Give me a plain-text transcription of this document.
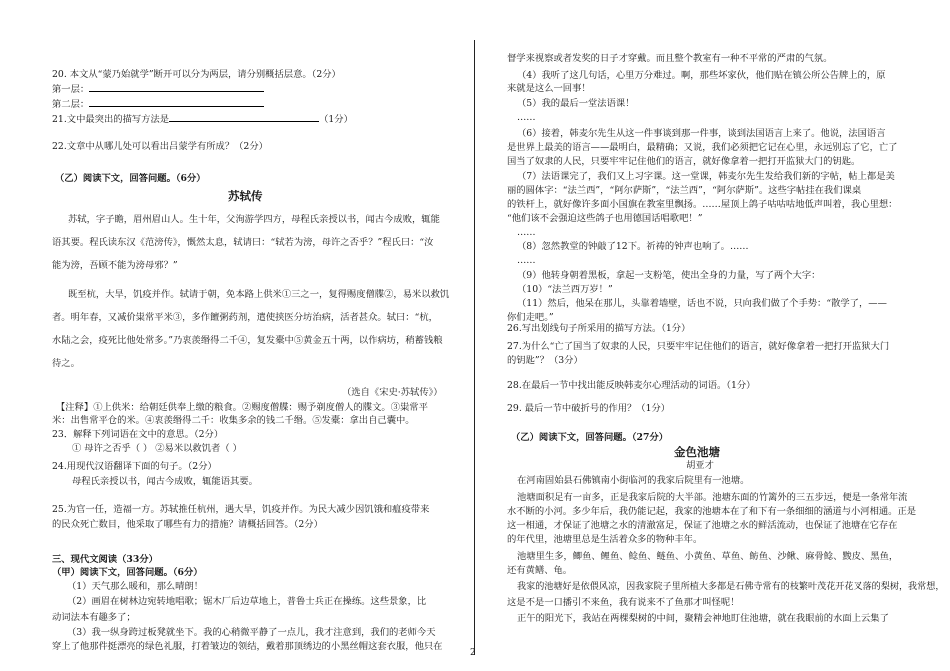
20. 本文从“蒙乃始就学”断开可以分为两层，请分别概括层意。（2分）
第一层：
第二层：
21.文中最突出的描写方法是	（1分）
22.文章中从哪儿处可以看出吕蒙学有所成？（2分）
（乙）阅读下文，回答问题。（6分）
苏轼传
苏轼，字子瞻，眉州眉山人。生十年，父洵游学四方，母程氏亲授以书，闻古今成败，辄能
语其要。程氏读东汉《范滂传》，慨然太息，轼请曰：“轼若为滂，母许之否乎？”程氏曰：“汝
能为滂，吾顾不能为滂母邪？”
既至杭，大旱，饥疫并作。轼请于朝，免本路上供米①三之一，复得赐度僧牒②，易米以救饥
者。明年春，又减价粜常平米③，多作饘粥药剂，遣使挟医分坊治病，活者甚众。轼曰：“杭，
水陆之会，疫死比他处常多。”乃衷羡缗得二千④，复发橐中⑤黄金五十两，以作病坊，稍蓄钱粮
待之。
（选自《宋史·苏轼传》）
【注释】①上供米：给朝廷供奉上缴的粮食。②赐度僧牒：赐予剃度僧人的牒文。③粜常平
米：出售常平仓的米。④衷羡缗得二千：收集多余的钱二千缗。⑤发橐：拿出自己囊中。
23．解释下列词语在文中的意思。（2分）
① 母许之否乎（ ） ②易米以救饥者（ ）
24.用现代汉语翻译下面的句子。（2分）
母程氏亲授以书，闻古今成败，辄能语其要。
25.为官一任，造福一方。苏轼推任杭州，遇大旱，饥疫并作。为民大减少因饥饿和瘟疫带来
的民众死亡数目，他采取了哪些有力的措施？请概括回答。（2分）
三、现代文阅读（33分）
（甲）阅读下文，回答问题。（6分）
（1）天气那么暖和，那么晴朗！
（2）画眉在树林边宛转地唱歌；锯木厂后边草地上，普鲁士兵正在操练。这些景象，比
动词法本有趣多了；
（3）我一纵身跨过板凳就坐下。我的心稍微平静了一点儿，我才注意到，我们的老师今天
穿上了他那件挺漂亮的绿色礼服，打着皱边的领结，戴着那顶绣边的小黑丝帽这套衣服，他只在
督学来视察或者发奖的日子才穿戴。而且整个教室有一种不平常的严肃的气氛。
（4）我听了这几句话，心里万分难过。啊，那些坏家伙，他们贴在镇公所公告牌上的，原
来就是这么一回事！
（5）我的最后一堂法语课！
……
（6）接着，韩麦尔先生从这一件事谈到那一件事，谈到法国语言上来了。他说，法国语言
是世界上最美的语言——最明白，最精确；又说，我们必须把它记在心里，永远别忘了它，亡了
国当了奴隶的人民，只要牢牢记住他们的语言，就好像拿着一把打开监狱大门的钥匙。
（7）法语课完了，我们又上习字课。这一堂课，韩麦尔先生发给我们新的字帖，帖上都是美
丽的圆体字：“法兰西”，“阿尔萨斯”，“法兰西”，“阿尔萨斯”。这些字帖挂在我们课桌
的铁杆上，就好像许多面小国旗在教室里飘扬。……屋顶上鸽子咕咕咕地低声叫着，我心里想：
“他们该不会强迫这些鸽子也用德国话唱歌吧！”
……
（8）忽然教堂的钟敲了12下。祈祷的钟声也响了。……
……
（9）他转身朝着黑板，拿起一支粉笔，使出全身的力量，写了两个大字：
（10）“法兰西万岁！”
（11）然后，他呆在那儿，头靠着墙壁，话也不说，只向我们做了个手势：“散学了，——
你们走吧。”
26.写出划线句子所采用的描写方法。（1分）
27.为什么“亡了国当了奴隶的人民，只要牢牢记住他们的语言，就好像拿着一把打开监狱大门
的钥匙”？（3分）
28.在最后一节中找出能反映韩麦尔心理活动的词语。（1分）
29. 最后一节中破折号的作用？（1分）
（乙）阅读下文，回答问题。（27分）
金色池塘
胡亚才
在河南固始县石佛镇南小街临河的我家后院里有一池塘。
池塘面积足有一亩多，正是我家后院的大半部。池塘东面的竹篱外的三五步远，便是一条常年流
水不断的小河。多少年后，我仍能记起，我家的池塘本在了和下有一条细细的涵道与小河相通。正是
这一相通，才保证了池塘之水的清澈富足，保证了池塘之水的鲜活流动，也保证了池塘在它存在
的年代里，池塘里总是生活着众多的物种丰年。
池塘里生多，鲫鱼、鲤鱼、鲶鱼、鲢鱼、小黄鱼、草鱼、鲂鱼、沙鳅、麻骨鲶、黢皮、黑鱼，
还有黄鳝、龟。
我家的池塘好是依偎风凉，因我家院子里所植大多都是石佛寺常有的枝繁叶茂花开花叉落的梨树，我常想，
这是不是一口播引不来鱼，我有说来不了鱼那才叫怪呢！
正午的阳光下，我站在两棵梨树的中间，聚精会神地盯住池塘，就在我眼前的水面上云集了
2
